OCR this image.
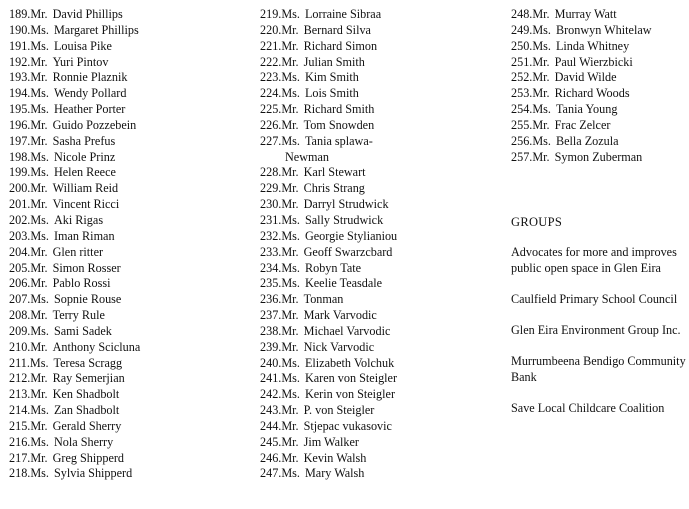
189. Mr. David Phillips
190. Ms. Margaret Phillips
191. Ms. Louisa Pike
192. Mr. Yuri Pintov
193. Mr. Ronnie Plaznik
194. Ms. Wendy Pollard
195. Ms. Heather Porter
196. Mr. Guido Pozzebein
197. Mr. Sasha Prefus
198. Ms. Nicole Prinz
199. Ms. Helen Reece
200. Mr. William Reid
201. Mr. Vincent Ricci
202. Ms. Aki Rigas
203. Ms. Iman Riman
204. Mr. Glen ritter
205. Mr. Simon Rosser
206. Mr. Pablo Rossi
207. Ms. Sopnie Rouse
208. Mr. Terry Rule
209. Ms. Sami Sadek
210. Mr. Anthony Scicluna
211. Ms. Teresa Scragg
212. Mr. Ray Semerjian
213. Mr. Ken Shadbolt
214. Ms. Zan Shadbolt
215. Mr. Gerald Sherry
216. Ms. Nola Sherry
217. Mr. Greg Shipperd
218. Ms. Sylvia Shipperd
219. Ms. Lorraine Sibraa
220. Mr. Bernard Silva
221. Mr. Richard Simon
222. Mr. Julian Smith
223. Ms. Kim Smith
224. Ms. Lois Smith
225. Mr. Richard Smith
226. Mr. Tom Snowden
227. Ms. Tania splawa-
Newman
228. Mr. Karl Stewart
229. Mr. Chris Strang
230. Mr. Darryl Strudwick
231. Ms. Sally Strudwick
232. Ms. Georgie Stylianiou
233. Mr. Geoff Swarzcbard
234. Ms. Robyn Tate
235. Ms. Keelie Teasdale
236. Mr. Tonman
237. Mr. Mark Varvodic
238. Mr. Michael Varvodic
239. Mr. Nick Varvodic
240. Ms. Elizabeth Volchuk
241. Ms. Karen von Steigler
242. Ms. Kerin von Steigler
243. Mr. P. von Steigler
244. Mr. Stjepac vukasovic
245. Mr. Jim Walker
246. Mr. Kevin Walsh
247. Ms. Mary Walsh
248. Mr. Murray Watt
249. Ms. Bronwyn Whitelaw
250. Ms. Linda Whitney
251. Mr. Paul Wierzbicki
252. Mr. David Wilde
253. Mr. Richard Woods
254. Ms. Tania Young
255. Mr. Frac Zelcer
256. Ms. Bella Zozula
257. Mr. Symon Zuberman
GROUPS
Advocates for more and improves public open space in Glen Eira
Caulfield Primary School Council
Glen Eira Environment Group Inc.
Murrumbeena Bendigo Community Bank
Save Local Childcare Coalition
